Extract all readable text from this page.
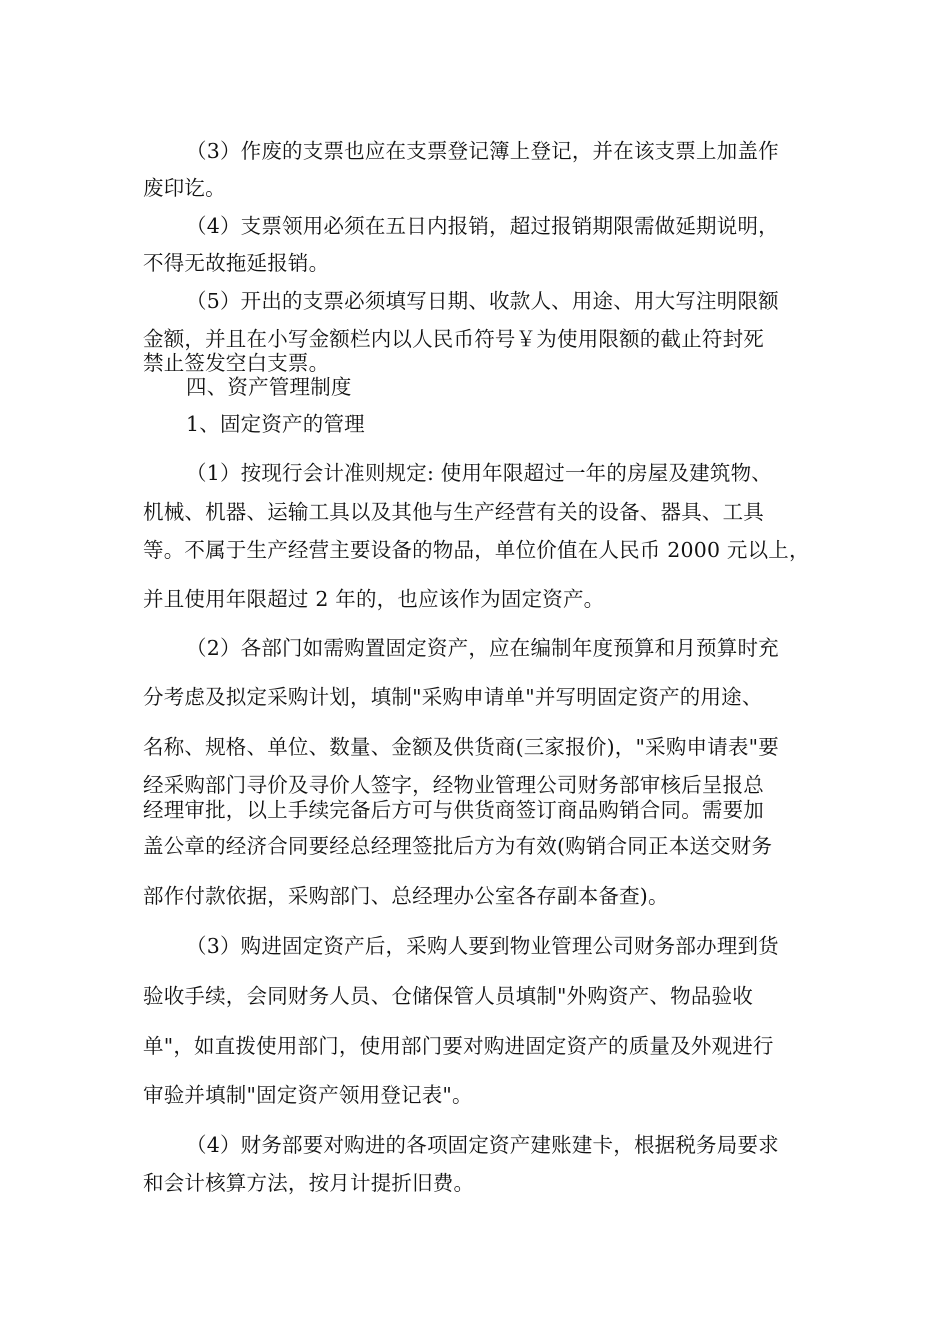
（3）作废的支票也应在支票登记簿上登记，并在该支票上加盖作
废印讫。
（4）支票领用必须在五日内报销，超过报销期限需做延期说明，
不得无故拖延报销。
（5）开出的支票必须填写日期、收款人、用途、用大写注明限额
金额，并且在小写金额栏内以人民币符号￥为使用限额的截止符封死
禁止签发空白支票。
四、资产管理制度
1、固定资产的管理
（1）按现行会计准则规定: 使用年限超过一年的房屋及建筑物、
机械、机器、运输工具以及其他与生产经营有关的设备、器具、工具
等。不属于生产经营主要设备的物品，单位价值在人民币 2000 元以上，
并且使用年限超过 2 年的，也应该作为固定资产。
（2）各部门如需购置固定资产，应在编制年度预算和月预算时充
分考虑及拟定采购计划，填制"采购申请单"并写明固定资产的用途、
名称、规格、单位、数量、金额及供货商(三家报价)，"采购申请表"要
经采购部门寻价及寻价人签字，经物业管理公司财务部审核后呈报总
经理审批，以上手续完备后方可与供货商签订商品购销合同。需要加
盖公章的经济合同要经总经理签批后方为有效(购销合同正本送交财务
部作付款依据，采购部门、总经理办公室各存副本备查)。
（3）购进固定资产后，采购人要到物业管理公司财务部办理到货
验收手续，会同财务人员、仓储保管人员填制"外购资产、物品验收
单"，如直拨使用部门，使用部门要对购进固定资产的质量及外观进行
审验并填制"固定资产领用登记表"。
（4）财务部要对购进的各项固定资产建账建卡，根据税务局要求
和会计核算方法，按月计提折旧费。
